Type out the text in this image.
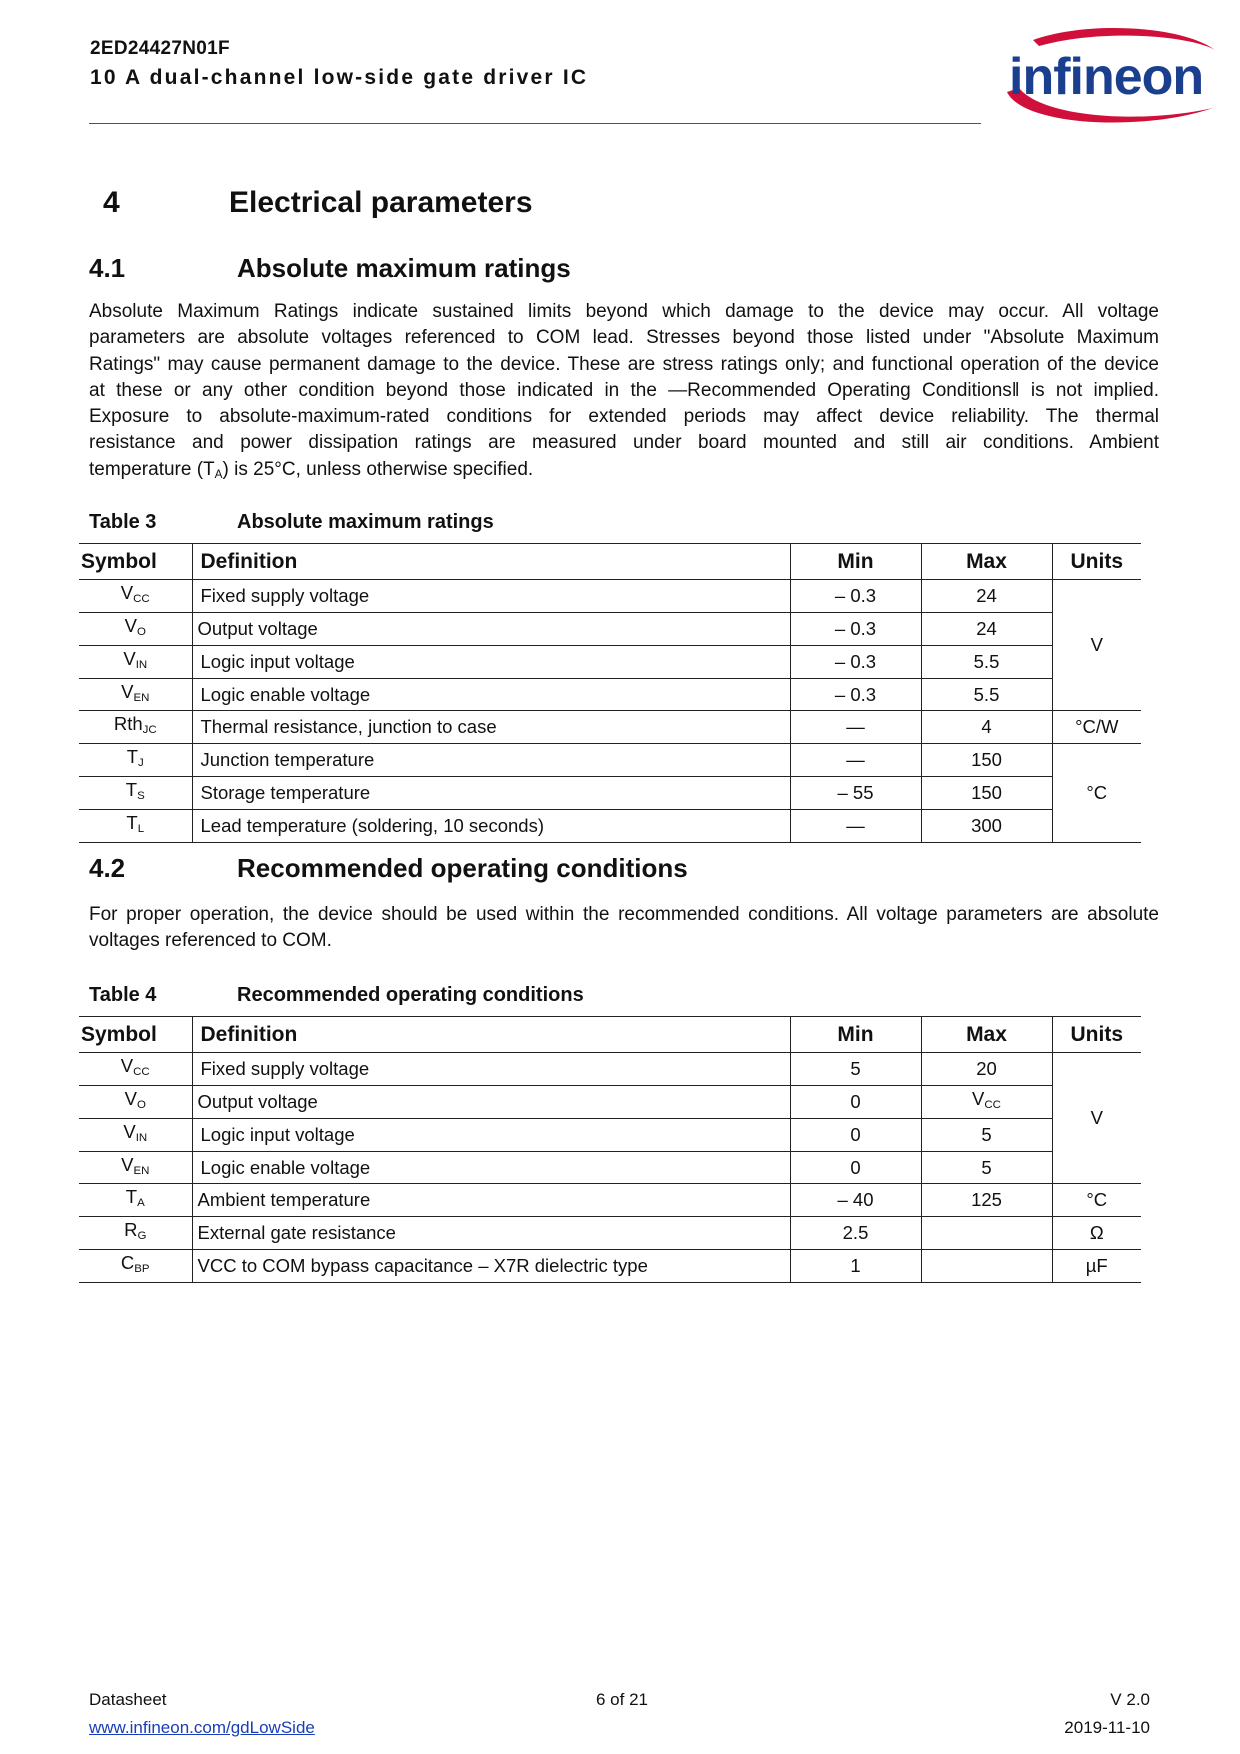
2ED24427N01F
10 A dual-channel low-side gate driver IC	infineon
4	Electrical parameters
4.1	Absolute maximum ratings
Absolute Maximum Ratings indicate sustained limits beyond which damage to the device may occur. All voltage
parameters are absolute voltages referenced to COM lead. Stresses beyond those listed under "Absolute Maximum
Ratings" may cause permanent damage to the device. These are stress ratings only; and functional operation of the device
at these or any other condition beyond those indicated in the ―Recommended Operating Conditions‖ is not implied.
Exposure to absolute-maximum-rated conditions for extended periods may affect device reliability. The thermal
resistance and power dissipation ratings are measured under board mounted and still air conditions. Ambient
temperature $(T_A)$ is 25°C, unless otherwise specified.
Table 3	Absolute maximum ratings
Symbol	Definition	Min	Max	Units
$V_{CC}$	Fixed supply voltage	– 0.3	24	V
$V_O$	Output voltage	– 0.3	24	
$V_{IN}$	Logic input voltage	– 0.3	5.5	
$V_{EN}$	Logic enable voltage	– 0.3	5.5	
Rth$_{JC}$	Thermal resistance, junction to case	—	4	°C/W
$T_J$	Junction temperature	—	150	°C
$T_S$	Storage temperature	– 55	150	
$T_L$	Lead temperature (soldering, 10 seconds)	—	300	
4.2	Recommended operating conditions
For proper operation, the device should be used within the recommended conditions. All voltage parameters are absolute
voltages referenced to COM.
Table 4	Recommended operating conditions
Symbol	Definition	Min	Max	Units
$V_{CC}$	Fixed supply voltage	5	20	V
$V_O$	Output voltage	0	$V_{CC}$
$V_{IN}$	Logic input voltage	0	5	
$V_{EN}$	Logic enable voltage	0	5	
$T_A$	Ambient temperature	– 40	125	°C
$R_G$	External gate resistance	2.5		Ω
$C_{BP}$	VCC to COM bypass capacitance – X7R dielectric type	1		µF
Datasheet
www.infineon.com/gdLowSide
6 of 21	V 2.0
2019-11-10
